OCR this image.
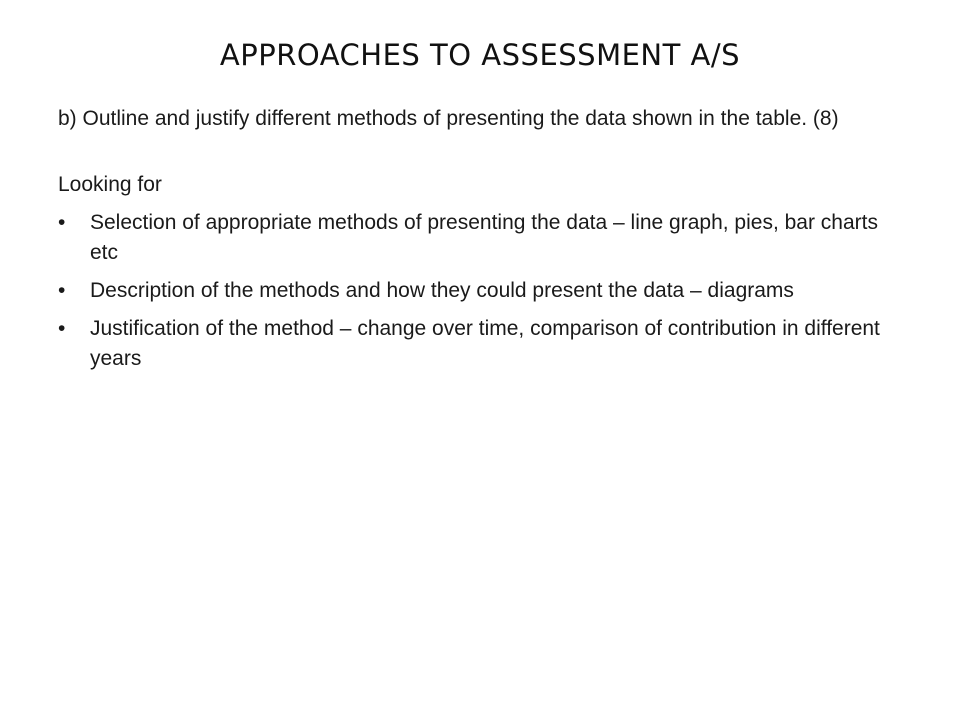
APPROACHES TO ASSESSMENT A/S

b) Outline and justify different methods of presenting the data shown in the table. (8)

Looking for

• Selection of appropriate methods of presenting the data – line graph, pies, bar charts etc
• Description of the methods and how they could present the data – diagrams
• Justification of the method – change over time, comparison of contribution in different years
